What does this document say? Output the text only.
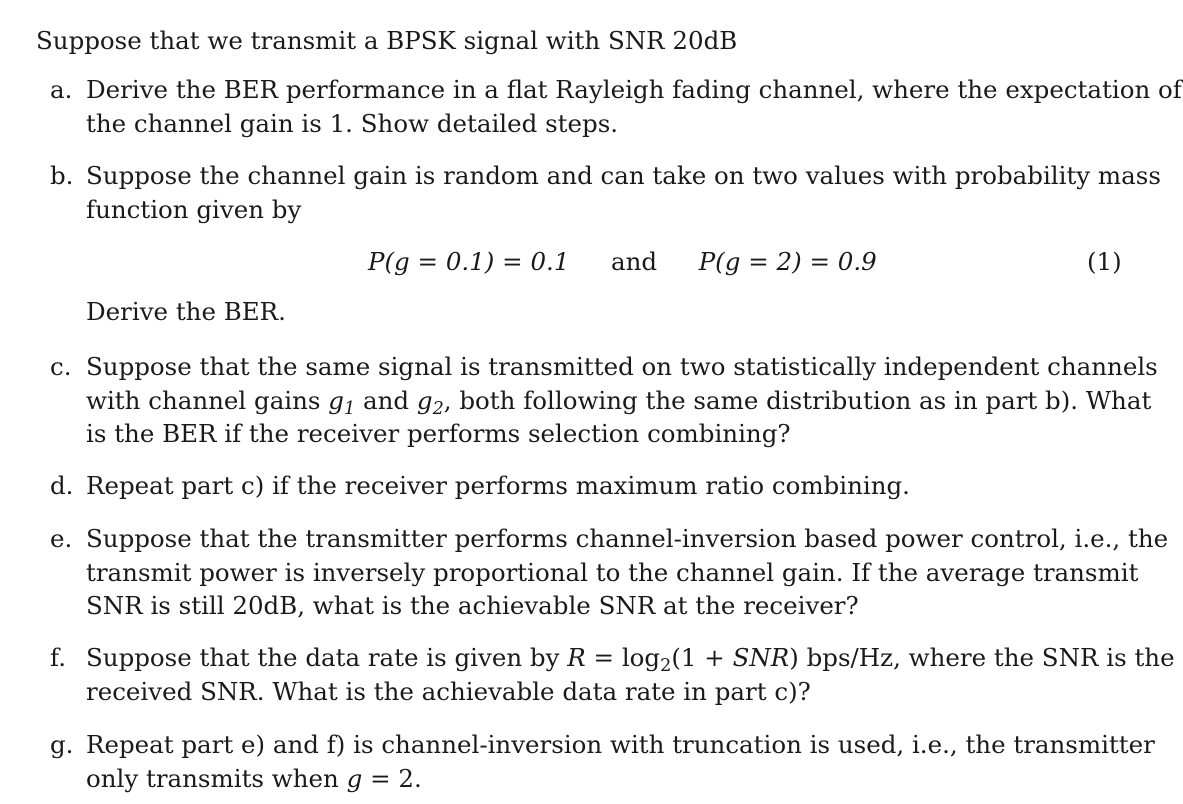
Suppose that we transmit a BPSK signal with SNR 20dB
a. Derive the BER performance in a flat Rayleigh fading channel, where the expectation of
the channel gain is 1. Show detailed steps.
b. Suppose the channel gain is random and can take on two values with probability mass
function given by
P(g = 0.1) = 0.1 and P(g = 2) = 0.9	(1)
Derive the BER.
c. Suppose that the same signal is transmitted on two statistically independent channels
with channel gains $g_1$ and $g_2$, both following the same distribution as in part b). What
is the BER if the receiver performs selection combining?
d. Repeat part c) if the receiver performs maximum ratio combining.
e. Suppose that the transmitter performs channel-inversion based power control, i.e., the
transmit power is inversely proportional to the channel gain. If the average transmit
SNR is still 20dB, what is the achievable SNR at the receiver?
f. Suppose that the data rate is given by $R = \log_2(1 + SNR)$ bps/Hz, where the SNR is the
received SNR. What is the achievable data rate in part c)?
g. Repeat part e) and f) is channel-inversion with truncation is used, i.e., the transmitter
only transmits when g = 2.
